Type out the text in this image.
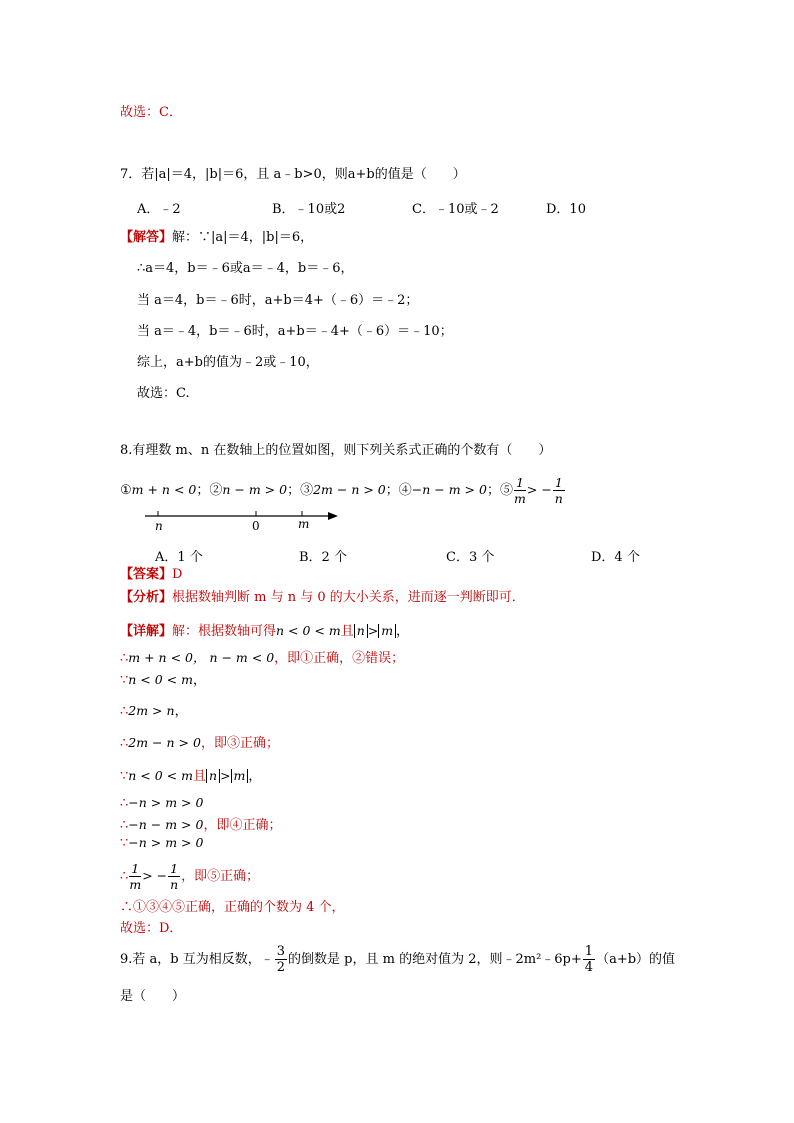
故选：C．
7．若|a|＝4，|b|＝6，且 a﹣b>0，则a+b的值是（　　）
A．﹣2	B．﹣10或2	C．﹣10或﹣2	D．10
【解答】解：∵|a|＝4，|b|＝6，
∴a＝4，b＝﹣6或a＝﹣4，b＝﹣6，
当 a＝4，b＝﹣6时，a+b＝4+（﹣6）＝﹣2；
当 a＝﹣4，b＝﹣6时，a+b＝﹣4+（﹣6）＝﹣10；
综上，a+b的值为﹣2或﹣10，
故选：C.
8.有理数 m、n 在数轴上的位置如图，则下列关系式正确的个数有（　　）
①m + n < 0；②n − m > 0；③2m − n > 0；④−n − m > 0；⑤ $\frac{1}{m}$ > − $\frac{1}{n}$
n	0	m
A．1 个	B．2 个	C．3 个	D．4 个
【答案】D
【分析】根据数轴判断 m 与 n 与 0 的大小关系，进而逐一判断即可．
【详解】解：根据数轴可得n < 0 < m且 n > m ，
∴m + n < 0， n − m < 0，即①正确，②错误；
∵n < 0 < m，
∴2m > n，
∴2m − n > 0，即③正确；
∵n < 0 < m且 n > m ，
∴−n > m > 0
∴−n − m > 0，即④正确；
∵−n > m > 0
∴ $\frac{1}{m}$ > − $\frac{1}{n}$ ，即⑤正确；
∴①③④⑤正确，正确的个数为 4 个，
故选：D．
9.若 a，b 互为相反数，﹣ $\frac{3}{2}$ 的倒数是 p，且 m 的绝对值为 2，则﹣2m²﹣6p+ $\frac{1}{4} (a+b)$的值
是（　　）
